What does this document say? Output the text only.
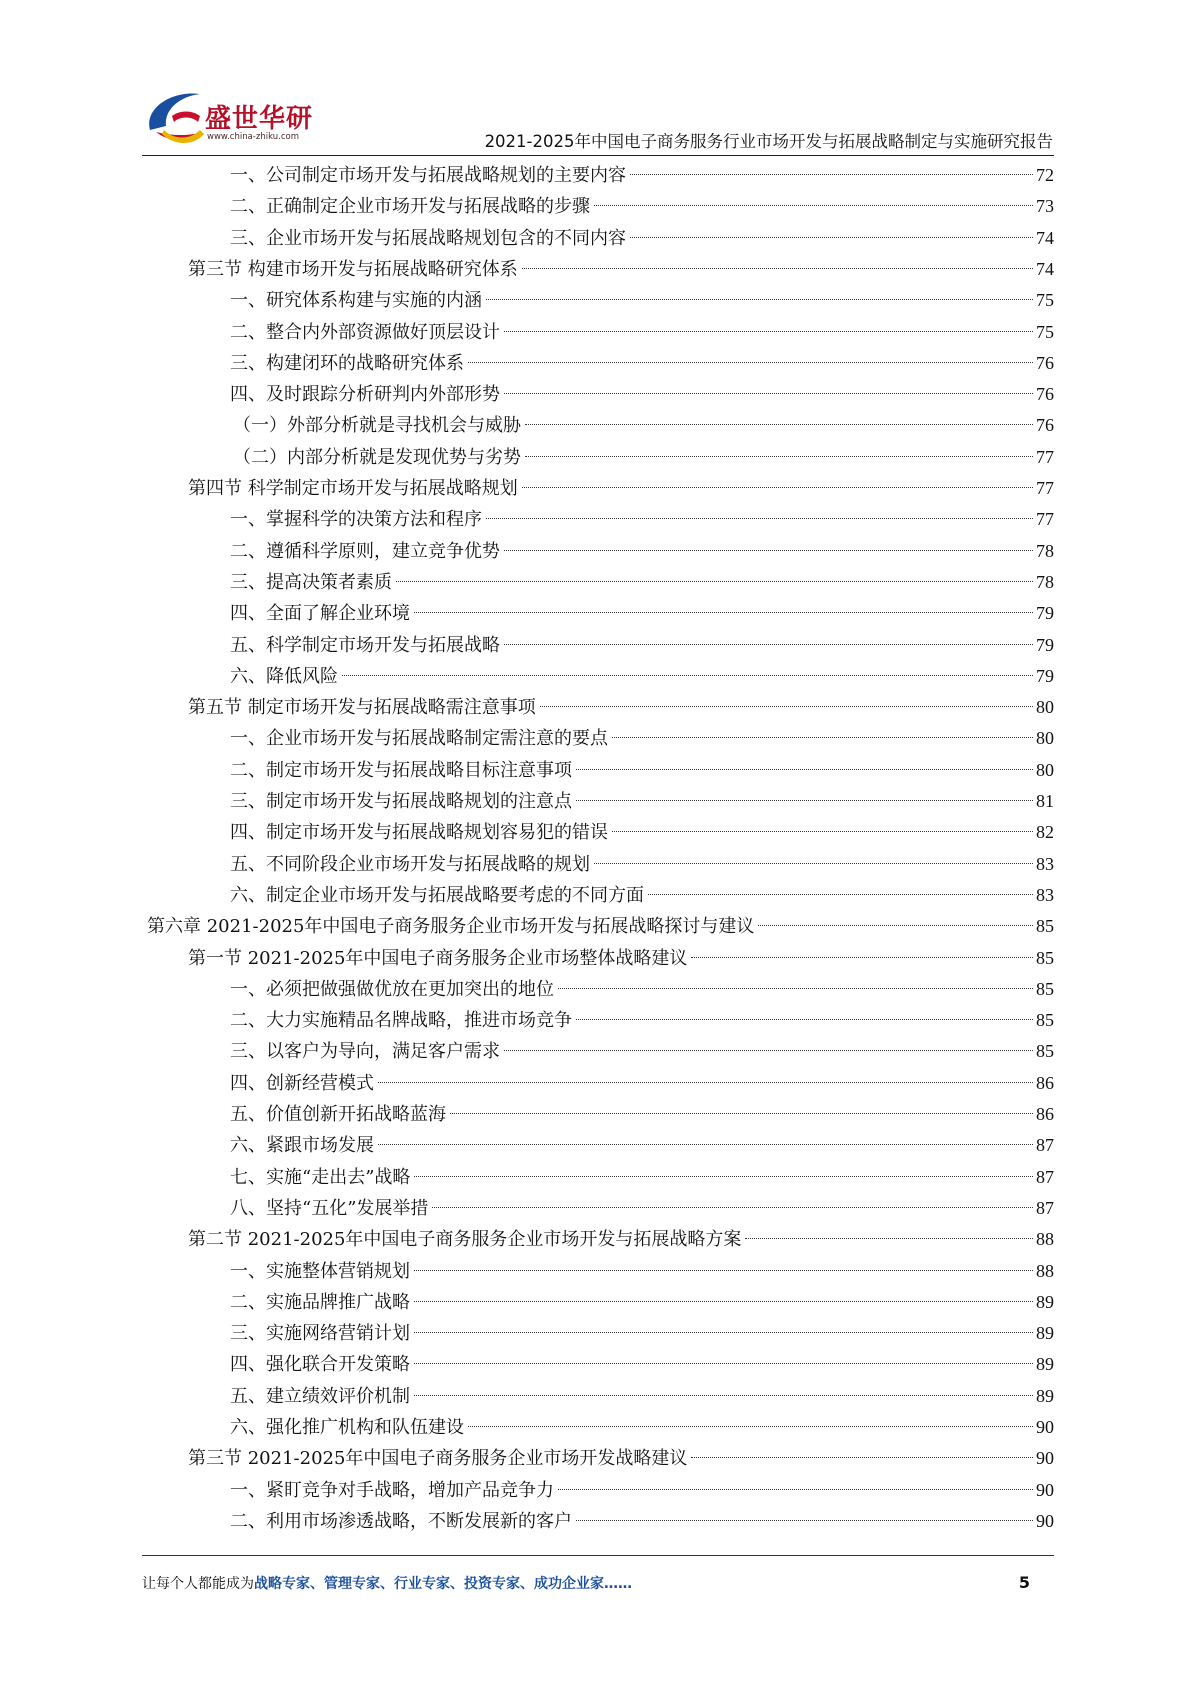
盛世华研
www.china-zhiku.com	2021-2025年中国电子商务服务行业市场开发与拓展战略制定与实施研究报告
一、公司制定市场开发与拓展战略规划的主要内容	72
二、正确制定企业市场开发与拓展战略的步骤	73
三、企业市场开发与拓展战略规划包含的不同内容	74
第三节 构建市场开发与拓展战略研究体系	74
一、研究体系构建与实施的内涵	75
二、整合内外部资源做好顶层设计	75
三、构建闭环的战略研究体系	76
四、及时跟踪分析研判内外部形势	76
（一）外部分析就是寻找机会与威胁	76
（二）内部分析就是发现优势与劣势	77
第四节 科学制定市场开发与拓展战略规划	77
一、掌握科学的决策方法和程序	77
二、遵循科学原则，建立竞争优势	78
三、提高决策者素质	78
四、全面了解企业环境	79
五、科学制定市场开发与拓展战略	79
六、降低风险	79
第五节 制定市场开发与拓展战略需注意事项	80
一、企业市场开发与拓展战略制定需注意的要点	80
二、制定市场开发与拓展战略目标注意事项	80
三、制定市场开发与拓展战略规划的注意点	81
四、制定市场开发与拓展战略规划容易犯的错误	82
五、不同阶段企业市场开发与拓展战略的规划	83
六、制定企业市场开发与拓展战略要考虑的不同方面	83
第六章 2021-2025年中国电子商务服务企业市场开发与拓展战略探讨与建议	85
第一节 2021-2025年中国电子商务服务企业市场整体战略建议	85
一、必须把做强做优放在更加突出的地位	85
二、大力实施精品名牌战略，推进市场竞争	85
三、以客户为导向，满足客户需求	85
四、创新经营模式	86
五、价值创新开拓战略蓝海	86
六、紧跟市场发展	87
七、实施“走出去”战略	87
八、坚持“五化”发展举措	87
第二节 2021-2025年中国电子商务服务企业市场开发与拓展战略方案	88
一、实施整体营销规划	88
二、实施品牌推广战略	89
三、实施网络营销计划	89
四、强化联合开发策略	89
五、建立绩效评价机制	89
六、强化推广机构和队伍建设	90
第三节 2021-2025年中国电子商务服务企业市场开发战略建议	90
一、紧盯竞争对手战略，增加产品竞争力	90
二、利用市场渗透战略，不断发展新的客户	90
让每个人都能成为战略专家、管理专家、行业专家、投资专家、成功企业家……	5
